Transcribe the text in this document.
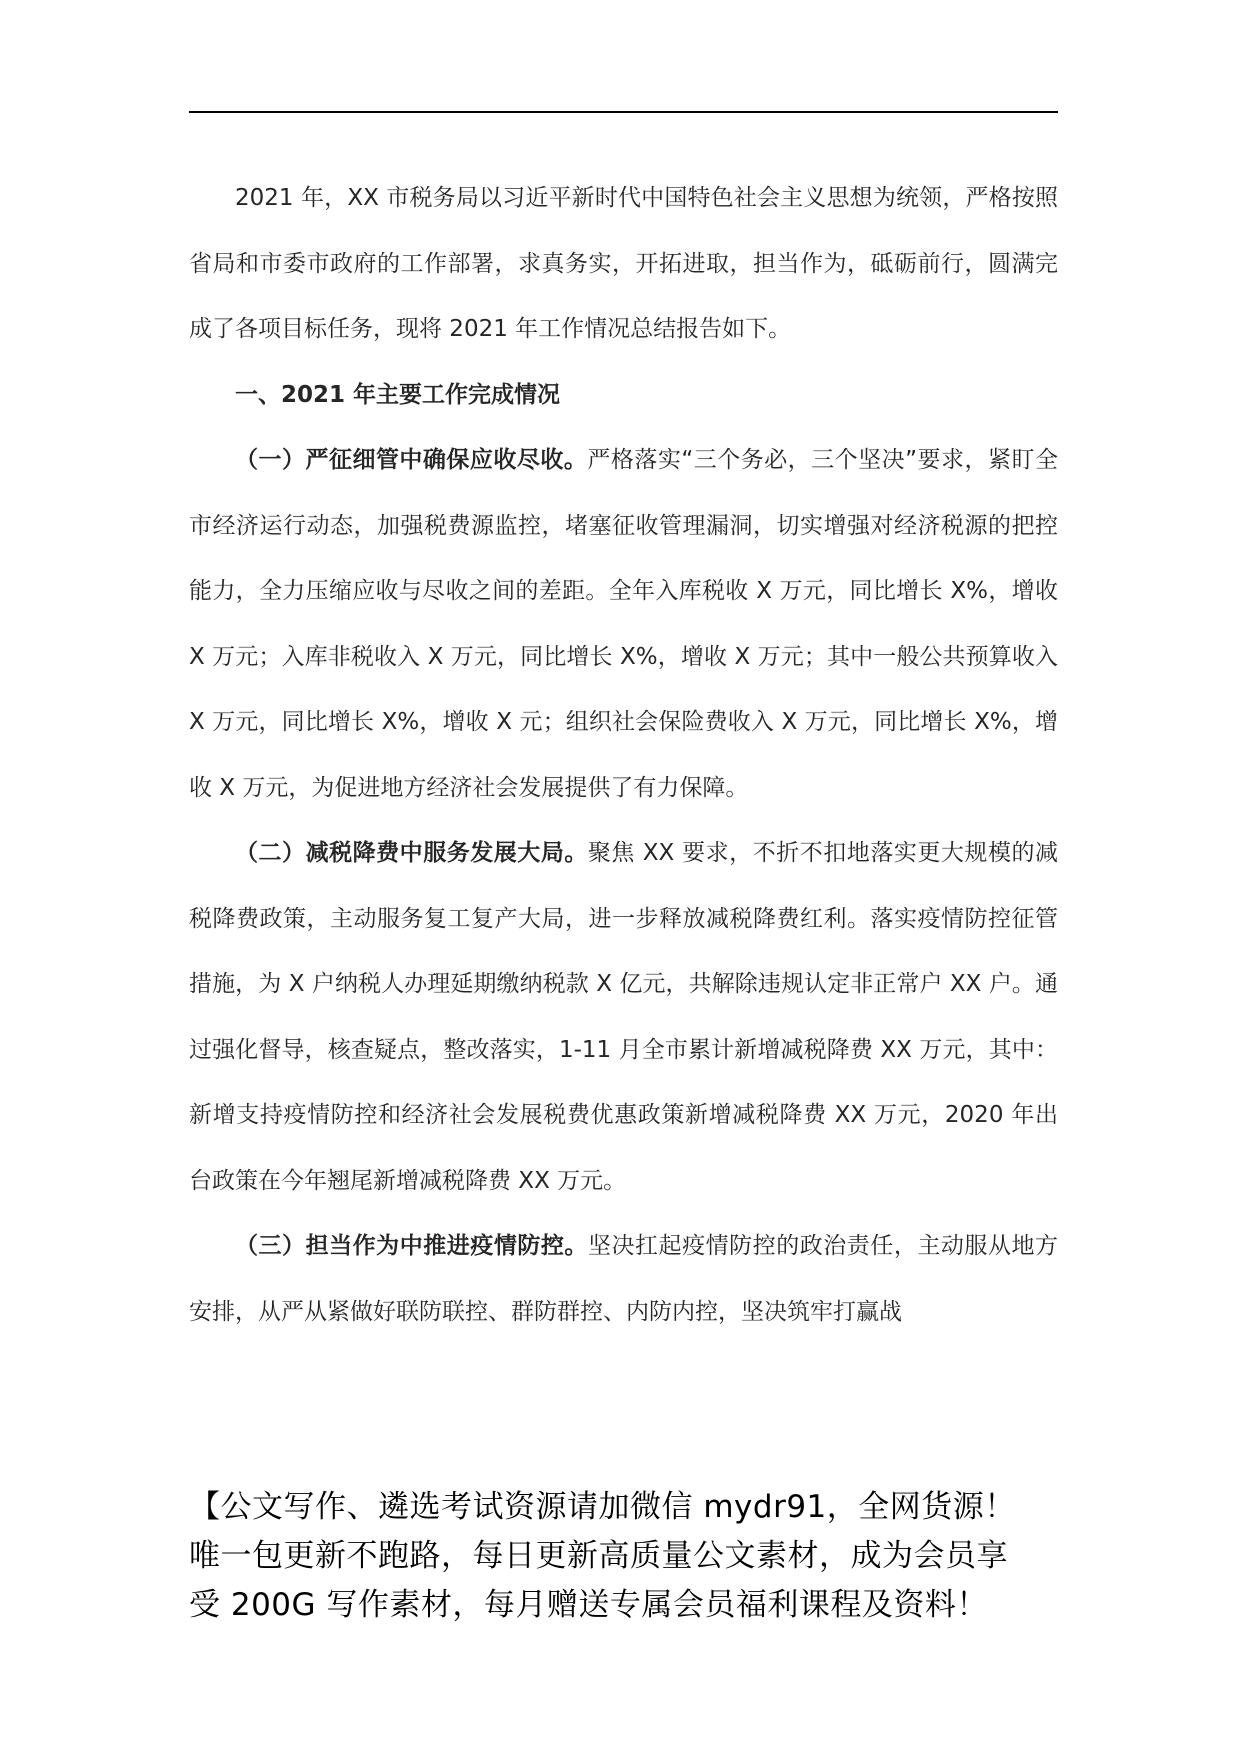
2021 年，XX 市税务局以习近平新时代中国特色社会主义思想为统领，严格按照省局和市委市政府的工作部署，求真务实，开拓进取，担当作为，砥砺前行，圆满完成了各项目标任务，现将 2021 年工作情况总结报告如下。

一、2021 年主要工作完成情况

（一）严征细管中确保应收尽收。严格落实“三个务必，三个坚决”要求，紧盯全市经济运行动态，加强税费源监控，堵塞征收管理漏洞，切实增强对经济税源的把控能力，全力压缩应收与尽收之间的差距。全年入库税收 X 万元，同比增长 X%，增收 X 万元；入库非税收入 X 万元，同比增长 X%，增收 X 万元；其中一般公共预算收入 X 万元，同比增长 X%，增收 X 元；组织社会保险费收入 X 万元，同比增长 X%，增收 X 万元，为促进地方经济社会发展提供了有力保障。

（二）减税降费中服务发展大局。聚焦 XX 要求，不折不扣地落实更大规模的减税降费政策，主动服务复工复产大局，进一步释放减税降费红利。落实疫情防控征管措施，为 X 户纳税人办理延期缴纳税款 X 亿元，共解除违规认定非正常户 XX 户。通过强化督导，核查疑点，整改落实，1-11 月全市累计新增减税降费 XX 万元，其中：新增支持疫情防控和经济社会发展税费优惠政策新增减税降费 XX 万元，2020 年出台政策在今年翘尾新增减税降费 XX 万元。

（三）担当作为中推进疫情防控。坚决扛起疫情防控的政治责任，主动服从地方安排，从严从紧做好联防联控、群防群控、内防内控，坚决筑牢打赢战

【公文写作、遴选考试资源请加微信 mydr91，全网货源！
唯一包更新不跑路，每日更新高质量公文素材，成为会员享
受 200G 写作素材，每月赠送专属会员福利课程及资料！
